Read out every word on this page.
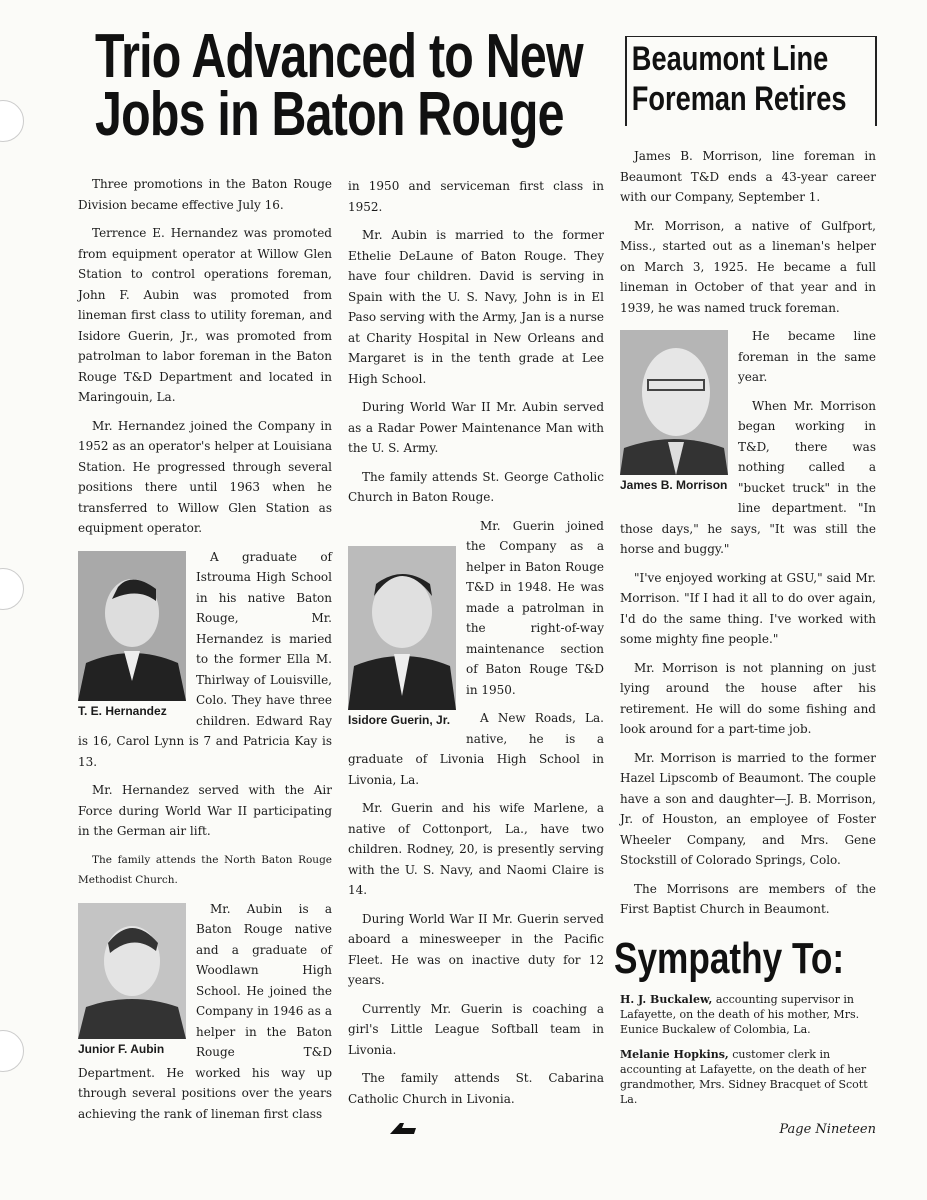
Trio Advanced to New
Jobs in Baton Rouge
Beaumont Line
Foreman Retires

Three promotions in the Baton Rouge Division became effective July 16.

Terrence E. Hernandez was promoted from equipment operator at Willow Glen Station to control operations foreman, John F. Aubin was promoted from lineman first class to utility foreman, and Isidore Guerin, Jr., was promoted from patrolman to labor foreman in the Baton Rouge T&D Department and located in Maringouin, La.

Mr. Hernandez joined the Company in 1952 as an operator's helper at Louisiana Station. He progressed through several positions there until 1963 when he transferred to Willow Glen Station as equipment operator.

T. E. Hernandez

A graduate of Istrouma High School in his native Baton Rouge, Mr. Hernandez is maried to the former Ella M. Thirlway of Louisville, Colo. They have three children. Edward Ray is 16, Carol Lynn is 7 and Patricia Kay is 13.

Mr. Hernandez served with the Air Force during World War II participating in the German air lift.

The family attends the North Baton Rouge Methodist Church.

Junior F. Aubin

Mr. Aubin is a Baton Rouge native and a graduate of Woodlawn High School. He joined the Company in 1946 as a helper in the Baton Rouge T&D Department. He worked his way up through several positions over the years achieving the rank of lineman first class

in 1950 and serviceman first class in 1952.

Mr. Aubin is married to the former Ethelie DeLaune of Baton Rouge. They have four children. David is serving in Spain with the U. S. Navy, John is in El Paso serving with the Army, Jan is a nurse at Charity Hospital in New Orleans and Margaret is in the tenth grade at Lee High School.

During World War II Mr. Aubin served as a Radar Power Maintenance Man with the U. S. Army.

The family attends St. George Catholic Church in Baton Rouge.

Isidore Guerin, Jr.

Mr. Guerin joined the Company as a helper in Baton Rouge T&D in 1948. He was made a patrolman in the right-of-way maintenance section of Baton Rouge T&D in 1950.

A New Roads, La. native, he is a graduate of Livonia High School in Livonia, La.

Mr. Guerin and his wife Marlene, a native of Cottonport, La., have two children. Rodney, 20, is presently serving with the U. S. Navy, and Naomi Claire is 14.

During World War II Mr. Guerin served aboard a minesweeper in the Pacific Fleet. He was on inactive duty for 12 years.

Currently Mr. Guerin is coaching a girl's Little League Softball team in Livonia.

The family attends St. Cabarina Catholic Church in Livonia.

James B. Morrison, line foreman in Beaumont T&D ends a 43-year career with our Company, September 1.

Mr. Morrison, a native of Gulfport, Miss., started out as a lineman's helper on March 3, 1925. He became a full lineman in October of that year and in 1939, he was named truck foreman.

James B. Morrison

He became line foreman in the same year.

When Mr. Morrison began working in T&D, there was nothing called a "bucket truck" in the line department. "In those days," he says, "It was still the horse and buggy."

"I've enjoyed working at GSU," said Mr. Morrison. "If I had it all to do over again, I'd do the same thing. I've worked with some mighty fine people."

Mr. Morrison is not planning on just lying around the house after his retirement. He will do some fishing and look around for a part-time job.

Mr. Morrison is married to the former Hazel Lipscomb of Beaumont. The couple have a son and daughter—J. B. Morrison, Jr. of Houston, an employee of Foster Wheeler Company, and Mrs. Gene Stockstill of Colorado Springs, Colo.

The Morrisons are members of the First Baptist Church in Beaumont.

Sympathy To:

H. J. Buckalew, accounting supervisor in Lafayette, on the death of his mother, Mrs. Eunice Buckalew of Colombia, La.

Melanie Hopkins, customer clerk in accounting at Lafayette, on the death of her grandmother, Mrs. Sidney Bracquet of Scott La.

Page Nineteen
